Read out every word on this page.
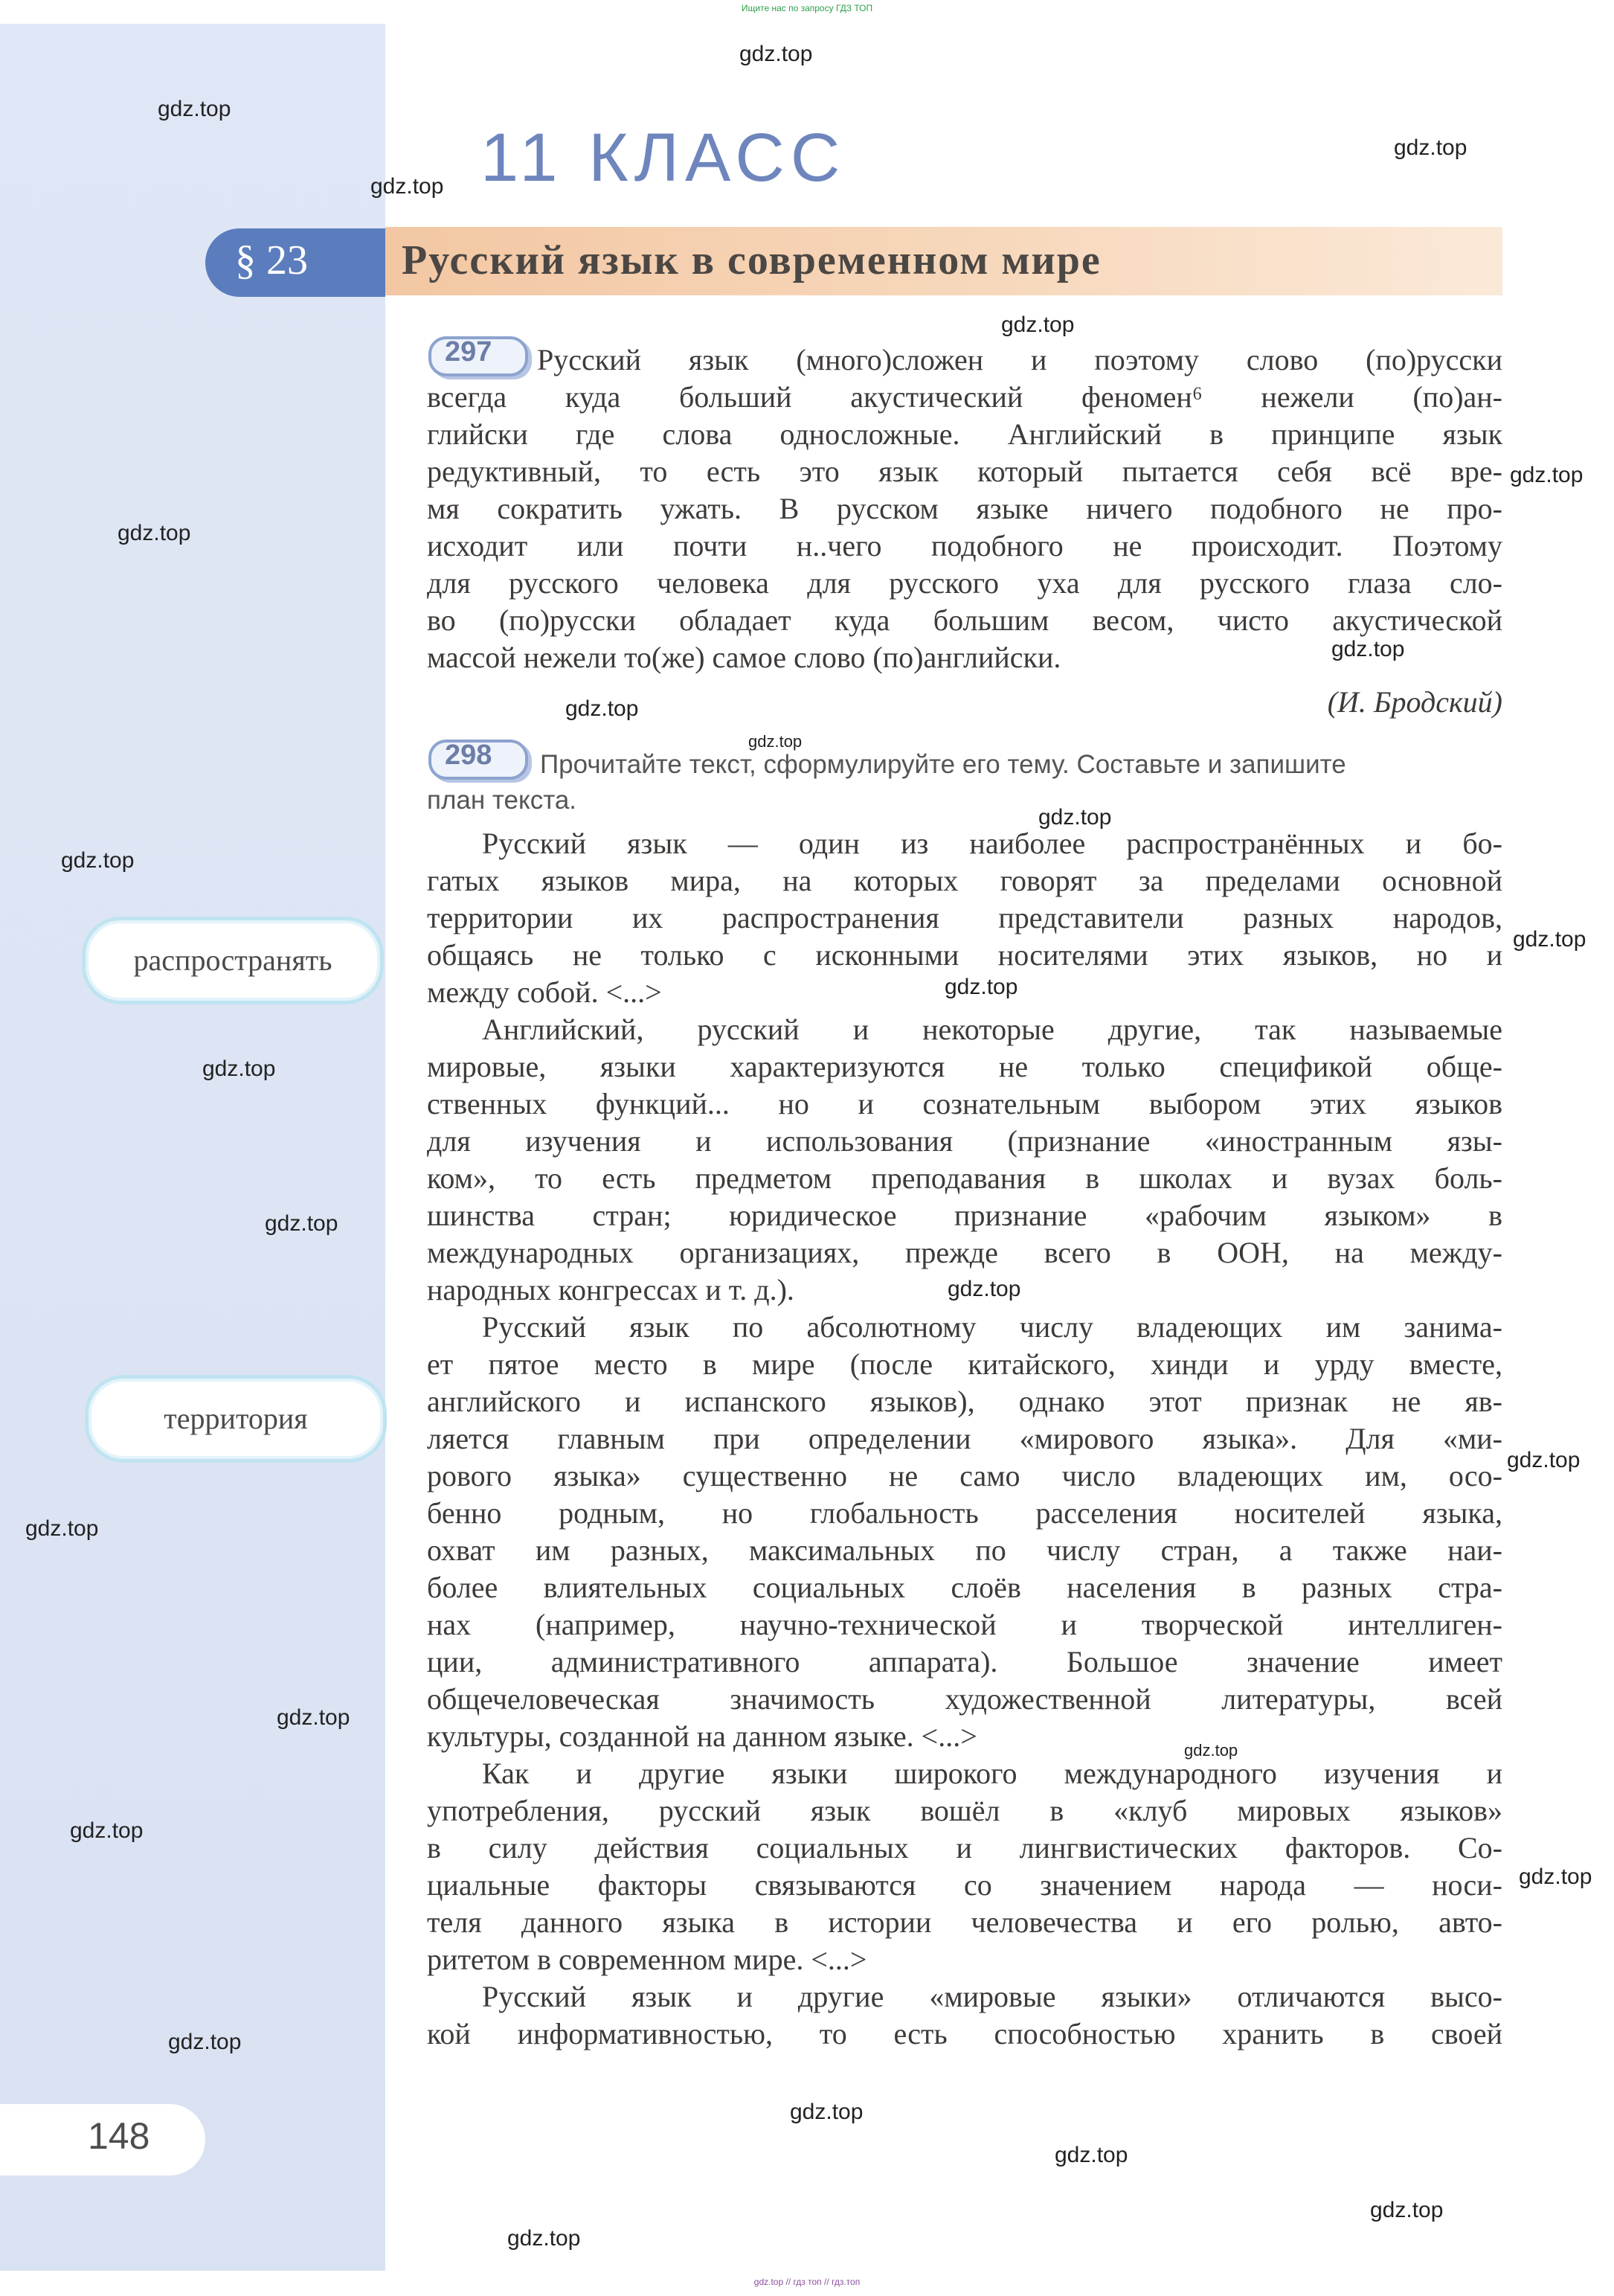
Ищите нас по запросу ГДЗ ТОП
11 КЛАСС
§ 23 Русский язык в современном мире
297 Русский язык (много)сложен и поэтому слово (по)русски

всегда куда больший акустический феномен⁶ нежели (по)ан-

глийски где слова односложные. Английский в принципе язык

редуктивный, то есть это язык который пытается себя всё вре-

мя сократить ужать. В русском языке ничего подобного не про-

исходит или почти н..чего подобного не происходит. Поэтому

для русского человека для русского уха для русского глаза сло-

во (по)русски обладает куда большим весом, чисто акустической

массой нежели то(же) самое слово (по)английски.

(И. Бродский)
298 Прочитайте текст, сформулируйте его тему. Составьте и запишите

план текста.

Русский язык — один из наиболее распространённых и бо-

гатых языков мира, на которых говорят за пределами основной

территории их распространения представители разных народов,

общаясь не только с исконными носителями этих языков, но и

между собой. <...>

Английский, русский и некоторые другие, так называемые

мировые, языки характеризуются не только спецификой обще-

ственных функций... но и сознательным выбором этих языков

для изучения и использования (признание «иностранным язы-

ком», то есть предметом преподавания в школах и вузах боль-

шинства стран; юридическое признание «рабочим языком» в

международных организациях, прежде всего в ООН, на между-

народных конгрессах и т. д.).

Русский язык по абсолютному числу владеющих им занима-

ет пятое место в мире (после китайского, хинди и урду вместе,

английского и испанского языков), однако этот признак не яв-

ляется главным при определении «мирового языка». Для «ми-

рового языка» существенно не само число владеющих им, осо-

бенно родным, но глобальность расселения носителей языка,

охват им разных, максимальных по числу стран, а также наи-

более влиятельных социальных слоёв населения в разных стра-

нах (например, научно-технической и творческой интеллиген-

ции, административного аппарата). Большое значение имеет

общечеловеческая значимость художественной литературы, всей

культуры, созданной на данном языке. <...>

Как и другие языки широкого международного изучения и

употребления, русский язык вошёл в «клуб мировых языков»

в силу действия социальных и лингвистических факторов. Со-

циальные факторы связываются со значением народа — носи-

теля данного языка в истории человечества и его ролью, авто-

ритетом в современном мире. <...>

Русский язык и другие «мировые языки» отличаются высо-

кой информативностью, то есть способностью хранить в своей

распространять
территория
148
gdz.top
gdz.top
gdz.top
gdz.top
gdz.top
gdz.top
gdz.top
gdz.top
gdz.top
gdz.top
gdz.top
gdz.top
gdz.top
gdz.top
gdz.top
gdz.top
gdz.top
gdz.top
gdz.top
gdz.top
gdz.top
gdz.top
gdz.top
gdz.top
gdz.top
gdz.top
gdz.top
gdz.top
gdz.top // гдз топ // гдз.топ
